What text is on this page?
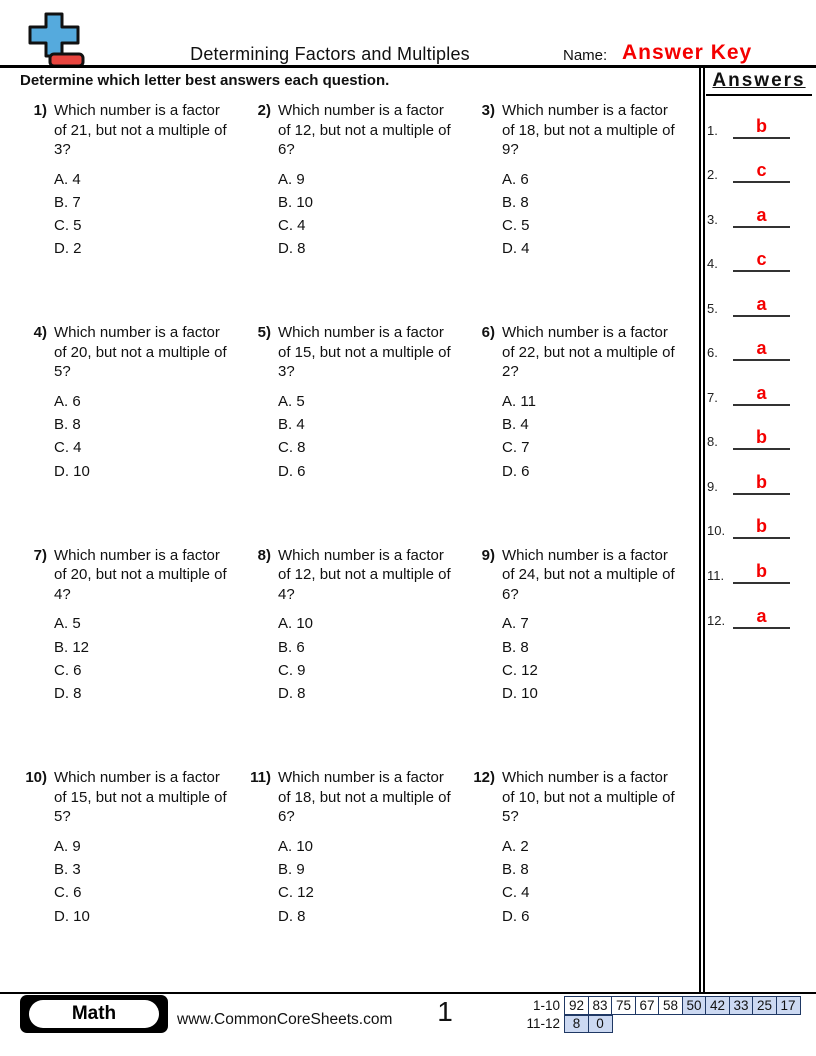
Determining Factors and Multiples	Name: Answer Key
Determine which letter best answers each question.	Answers
1.	b
2.	c
3.	a
4.	c
5.	a
6.	a
7.	a
8.	b
9.	b
10.	b
11.	b
12.	a
1) Which number is a factor
of 21, but not a multiple of
3?
A. 4
B. 7
C. 5
D. 2
2) Which number is a factor
of 12, but not a multiple of
6?
A. 9
B. 10
C. 4
D. 8
3) Which number is a factor
of 18, but not a multiple of
9?
A. 6
B. 8
C. 5
D. 4
4) Which number is a factor
of 20, but not a multiple of
5?
A. 6
B. 8
C. 4
D. 10
5) Which number is a factor
of 15, but not a multiple of
3?
A. 5
B. 4
C. 8
D. 6
6) Which number is a factor
of 22, but not a multiple of
2?
A. 11
B. 4
C. 7
D. 6
7) Which number is a factor
of 20, but not a multiple of
4?
A. 5
B. 12
C. 6
D. 8
8) Which number is a factor
of 12, but not a multiple of
4?
A. 10
B. 6
C. 9
D. 8
9) Which number is a factor
of 24, but not a multiple of
6?
A. 7
B. 8
C. 12
D. 10
10) Which number is a factor
of 15, but not a multiple of
5?
A. 9
B. 3
C. 6
D. 10
11) Which number is a factor
of 18, but not a multiple of
6?
A. 10
B. 9
C. 12
D. 8
12) Which number is a factor
of 10, but not a multiple of
5?
A. 2
B. 8
C. 4
D. 6
Math	www.CommonCoreSheets.com	1	1-10 92 83 75 67 58 50 42 33 25 17
11-12 8	0
